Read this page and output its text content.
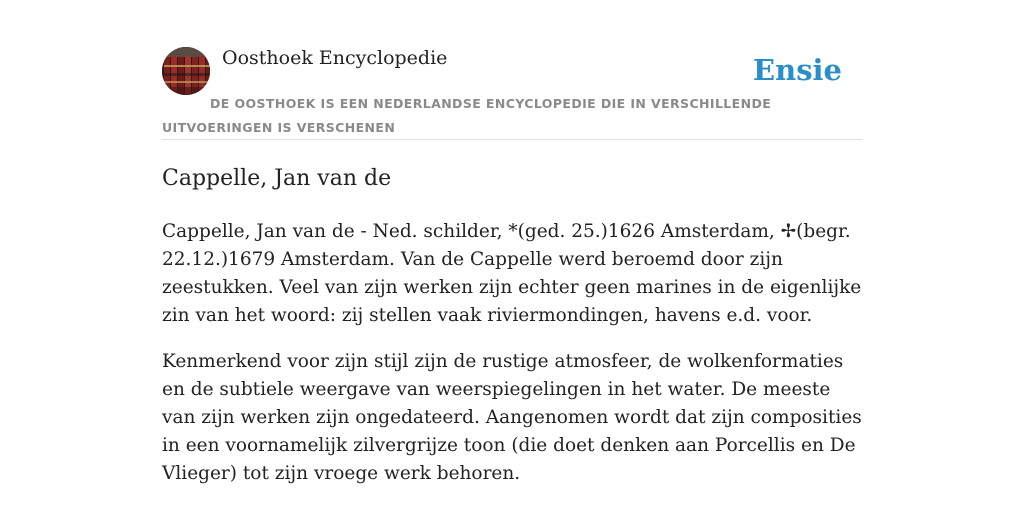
Oosthoek Encyclopedie	Ensie
DE OOSTHOEK IS EEN NEDERLANDSE ENCYCLOPEDIE DIE IN VERSCHILLENDE UITVOERINGEN IS VERSCHENEN
Cappelle, Jan van de

Cappelle, Jan van de - Ned. schilder, *(ged. 25.)1626 Amsterdam, ✢(begr. 22.12.)1679 Amsterdam. Van de Cappelle werd beroemd door zijn zeestukken. Veel van zijn werken zijn echter geen marines in de eigenlijke zin van het woord: zij stellen vaak riviermondingen, havens e.d. voor.

Kenmerkend voor zijn stijl zijn de rustige atmosfeer, de wolkenformaties en de subtiele weergave van weerspiegelingen in het water. De meeste van zijn werken zijn ongedateerd. Aangenomen wordt dat zijn composities in een voornamelijk zilvergrijze toon (die doet denken aan Porcellis en De Vlieger) tot zijn vroege werk behoren.
